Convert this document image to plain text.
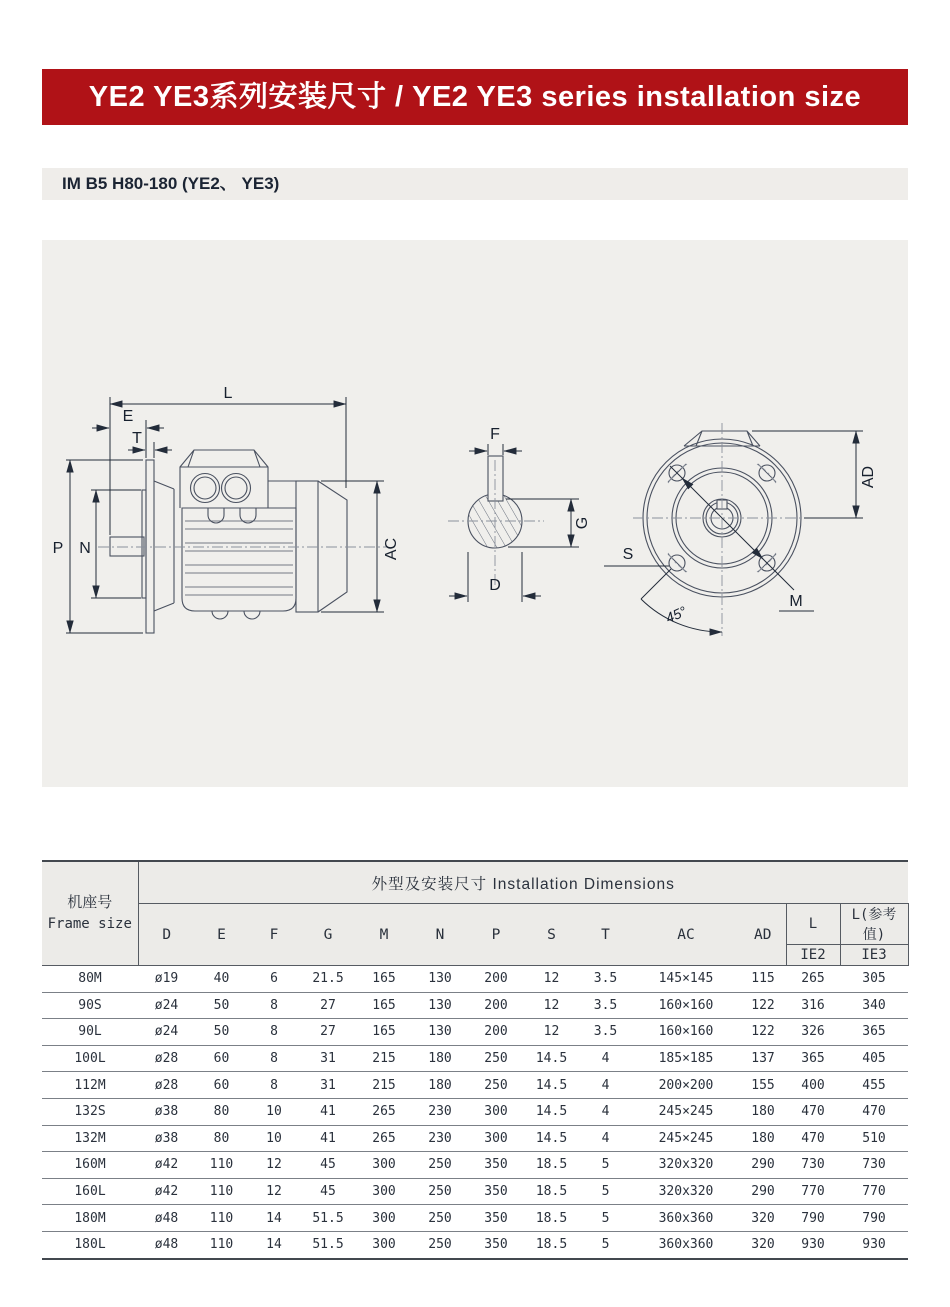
YE2 YE3系列安装尺寸 / YE2 YE3 series installation size
IM B5 H80-180 (YE2、 YE3)
L
E
T
P N	AC
F
G
D
S
M
AD
45°
机座号
Frame size	外型及安装尺寸 Installation Dimensions												
	D	E	F	G	M	N	P	S	T	AC	AD	L	L(参考值)
												IE2	IE3
80M	ø19	40	6	21.5	165	130	200	12	3.5	145×145	115	265	305
90S	ø24	50	8	27	165	130	200	12	3.5	160×160	122	316	340
90L	ø24	50	8	27	165	130	200	12	3.5	160×160	122	326	365
100L	ø28	60	8	31	215	180	250	14.5	4	185×185	137	365	405
112M	ø28	60	8	31	215	180	250	14.5	4	200×200	155	400	455
132S	ø38	80	10	41	265	230	300	14.5	4	245×245	180	470	470
132M	ø38	80	10	41	265	230	300	14.5	4	245×245	180	470	510
160M	ø42	110	12	45	300	250	350	18.5	5	320x320	290	730	730
160L	ø42	110	12	45	300	250	350	18.5	5	320x320	290	770	770
180M	ø48	110	14	51.5	300	250	350	18.5	5	360x360	320	790	790
180L	ø48	110	14	51.5	300	250	350	18.5	5	360x360	320	930	930
